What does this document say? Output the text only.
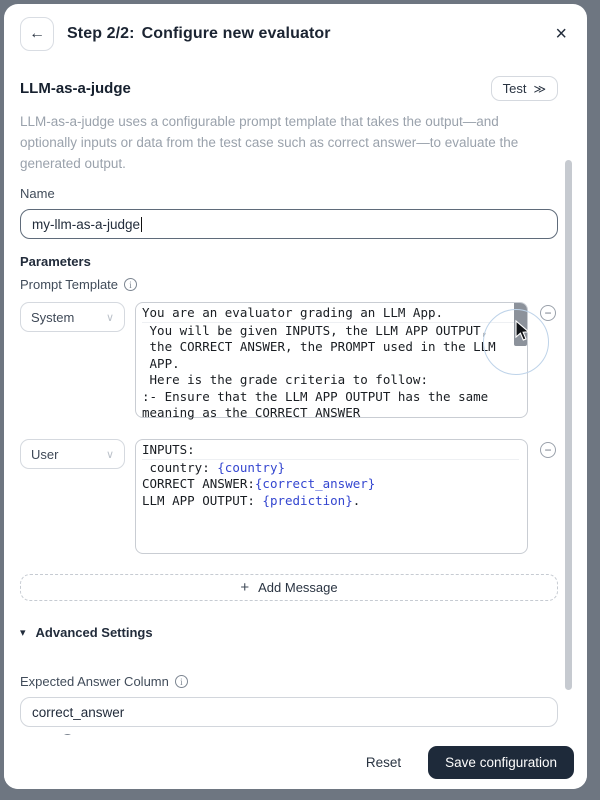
← Step 2/2: Configure new evaluator	×
LLM-as-a-judge	Test ≫

LLM-as-a-judge uses a configurable prompt template that takes the output—and optionally inputs or data from the test case such as correct answer—to evaluate the generated output.

Name
my-llm-as-a-judge
Parameters
Prompt Template	i
System	∨ You are an evaluator grading an LLM App.
You will be given INPUTS, the LLM APP OUTPUT,
the CORRECT ANSWER, the PROMPT used in the LLM
APP.
Here is the grade criteria to follow:
:- Ensure that the LLM APP OUTPUT has the same
meaning as the CORRECT ANSWER
−
User	∨ INPUTS:
country: {country}
CORRECT ANSWER:{correct_answer}
LLM APP OUTPUT: {prediction}.
−
+ Add Message
▾ Advanced Settings
Expected Answer Column	i
correct_answer
Reset	Save configuration
